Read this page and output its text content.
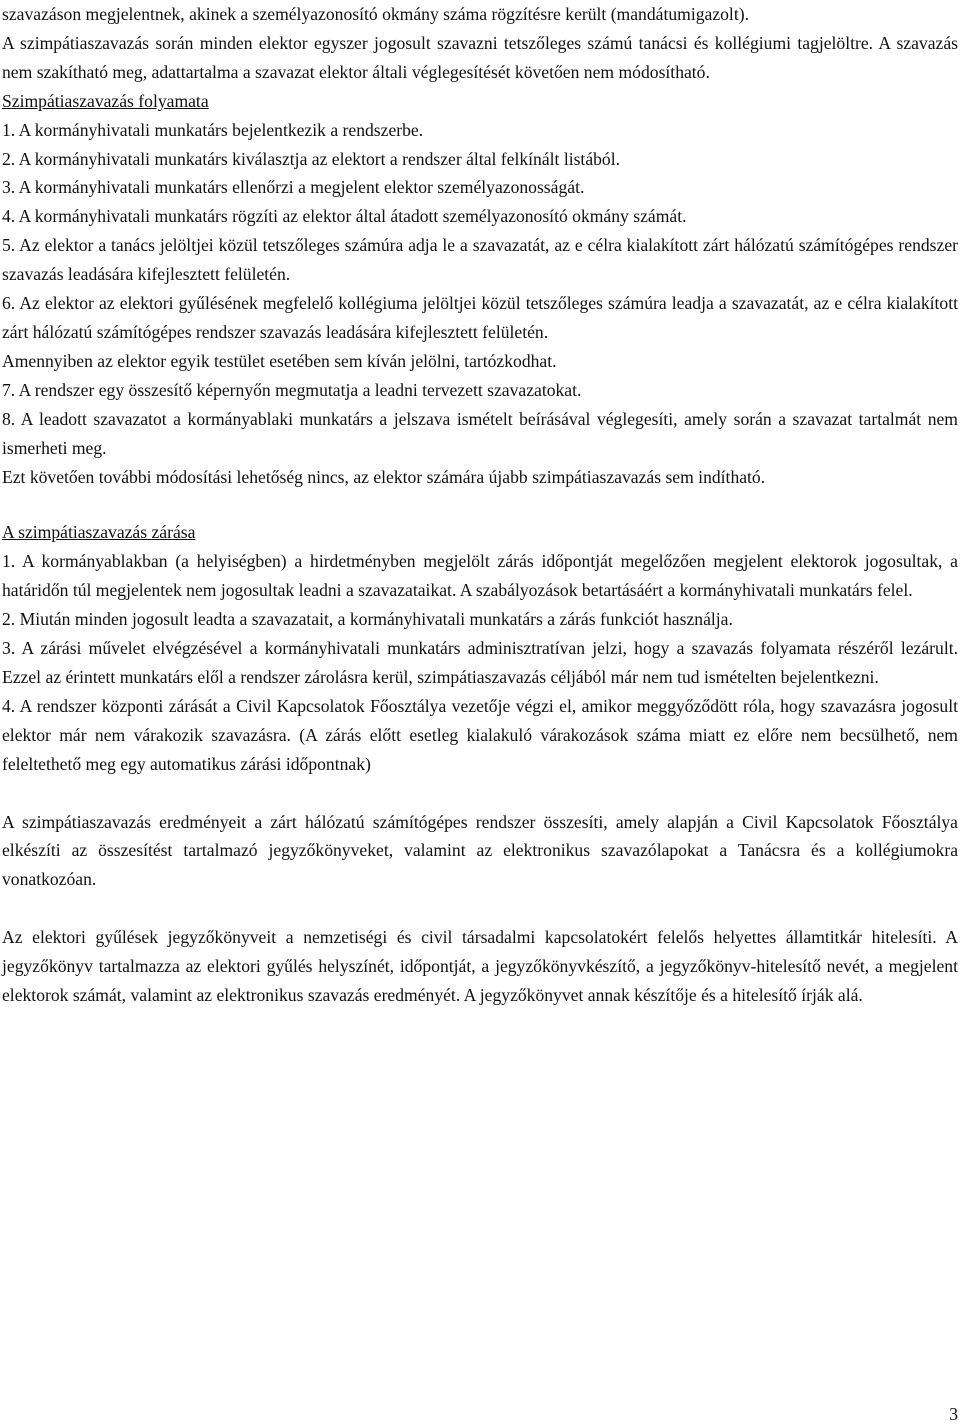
szavazáson megjelentnek, akinek a személyazonosító okmány száma rögzítésre került (mandátumigazolt).

A szimpátiaszavazás során minden elektor egyszer jogosult szavazni tetszőleges számú tanácsi és kollégiumi tagjelöltre. A szavazás nem szakítható meg, adattartalma a szavazat elektor általi véglegesítését követően nem módosítható.

Szimpátiaszavazás folyamata

1. A kormányhivatali munkatárs bejelentkezik a rendszerbe.

2. A kormányhivatali munkatárs kiválasztja az elektort a rendszer által felkínált listából.

3. A kormányhivatali munkatárs ellenőrzi a megjelent elektor személyazonosságát.

4. A kormányhivatali munkatárs rögzíti az elektor által átadott személyazonosító okmány számát.

5. Az elektor a tanács jelöltjei közül tetszőleges számúra adja le a szavazatát, az e célra kialakított zárt hálózatú számítógépes rendszer szavazás leadására kifejlesztett felületén.

6. Az elektor az elektori gyűlésének megfelelő kollégiuma jelöltjei közül tetszőleges számúra leadja a szavazatát, az e célra kialakított zárt hálózatú számítógépes rendszer szavazás leadására kifejlesztett felületén.

Amennyiben az elektor egyik testület esetében sem kíván jelölni, tartózkodhat.

7. A rendszer egy összesítő képernyőn megmutatja a leadni tervezett szavazatokat.

8. A leadott szavazatot a kormányablaki munkatárs a jelszava ismételt beírásával véglegesíti, amely során a szavazat tartalmát nem ismerheti meg.

Ezt követően további módosítási lehetőség nincs, az elektor számára újabb szimpátiaszavazás sem indítható.

A szimpátiaszavazás zárása

1. A kormányablakban (a helyiségben) a hirdetményben megjelölt zárás időpontját megelőzően megjelent elektorok jogosultak, a határidőn túl megjelentek nem jogosultak leadni a szavazataikat. A szabályozások betartásáért a kormányhivatali munkatárs felel.

2. Miután minden jogosult leadta a szavazatait, a kormányhivatali munkatárs a zárás funkciót használja.

3. A zárási művelet elvégzésével a kormányhivatali munkatárs adminisztratívan jelzi, hogy a szavazás folyamata részéről lezárult. Ezzel az érintett munkatárs elől a rendszer zárolásra kerül, szimpátiaszavazás céljából már nem tud ismételten bejelentkezni.

4. A rendszer központi zárását a Civil Kapcsolatok Főosztálya vezetője végzi el, amikor meggyőződött róla, hogy szavazásra jogosult elektor már nem várakozik szavazásra. (A zárás előtt esetleg kialakuló várakozások száma miatt ez előre nem becsülhető, nem feleltethető meg egy automatikus zárási időpontnak)

A szimpátiaszavazás eredményeit a zárt hálózatú számítógépes rendszer összesíti, amely alapján a Civil Kapcsolatok Főosztálya elkészíti az összesítést tartalmazó jegyzőkönyveket, valamint az elektronikus szavazólapokat a Tanácsra és a kollégiumokra vonatkozóan.

Az elektori gyűlések jegyzőkönyveit a nemzetiségi és civil társadalmi kapcsolatokért felelős helyettes államtitkár hitelesíti. A jegyzőkönyv tartalmazza az elektori gyűlés helyszínét, időpontját, a jegyzőkönyvkészítő, a jegyzőkönyv-hitelesítő nevét, a megjelent elektorok számát, valamint az elektronikus szavazás eredményét. A jegyzőkönyvet annak készítője és a hitelesítő írják alá.

3
